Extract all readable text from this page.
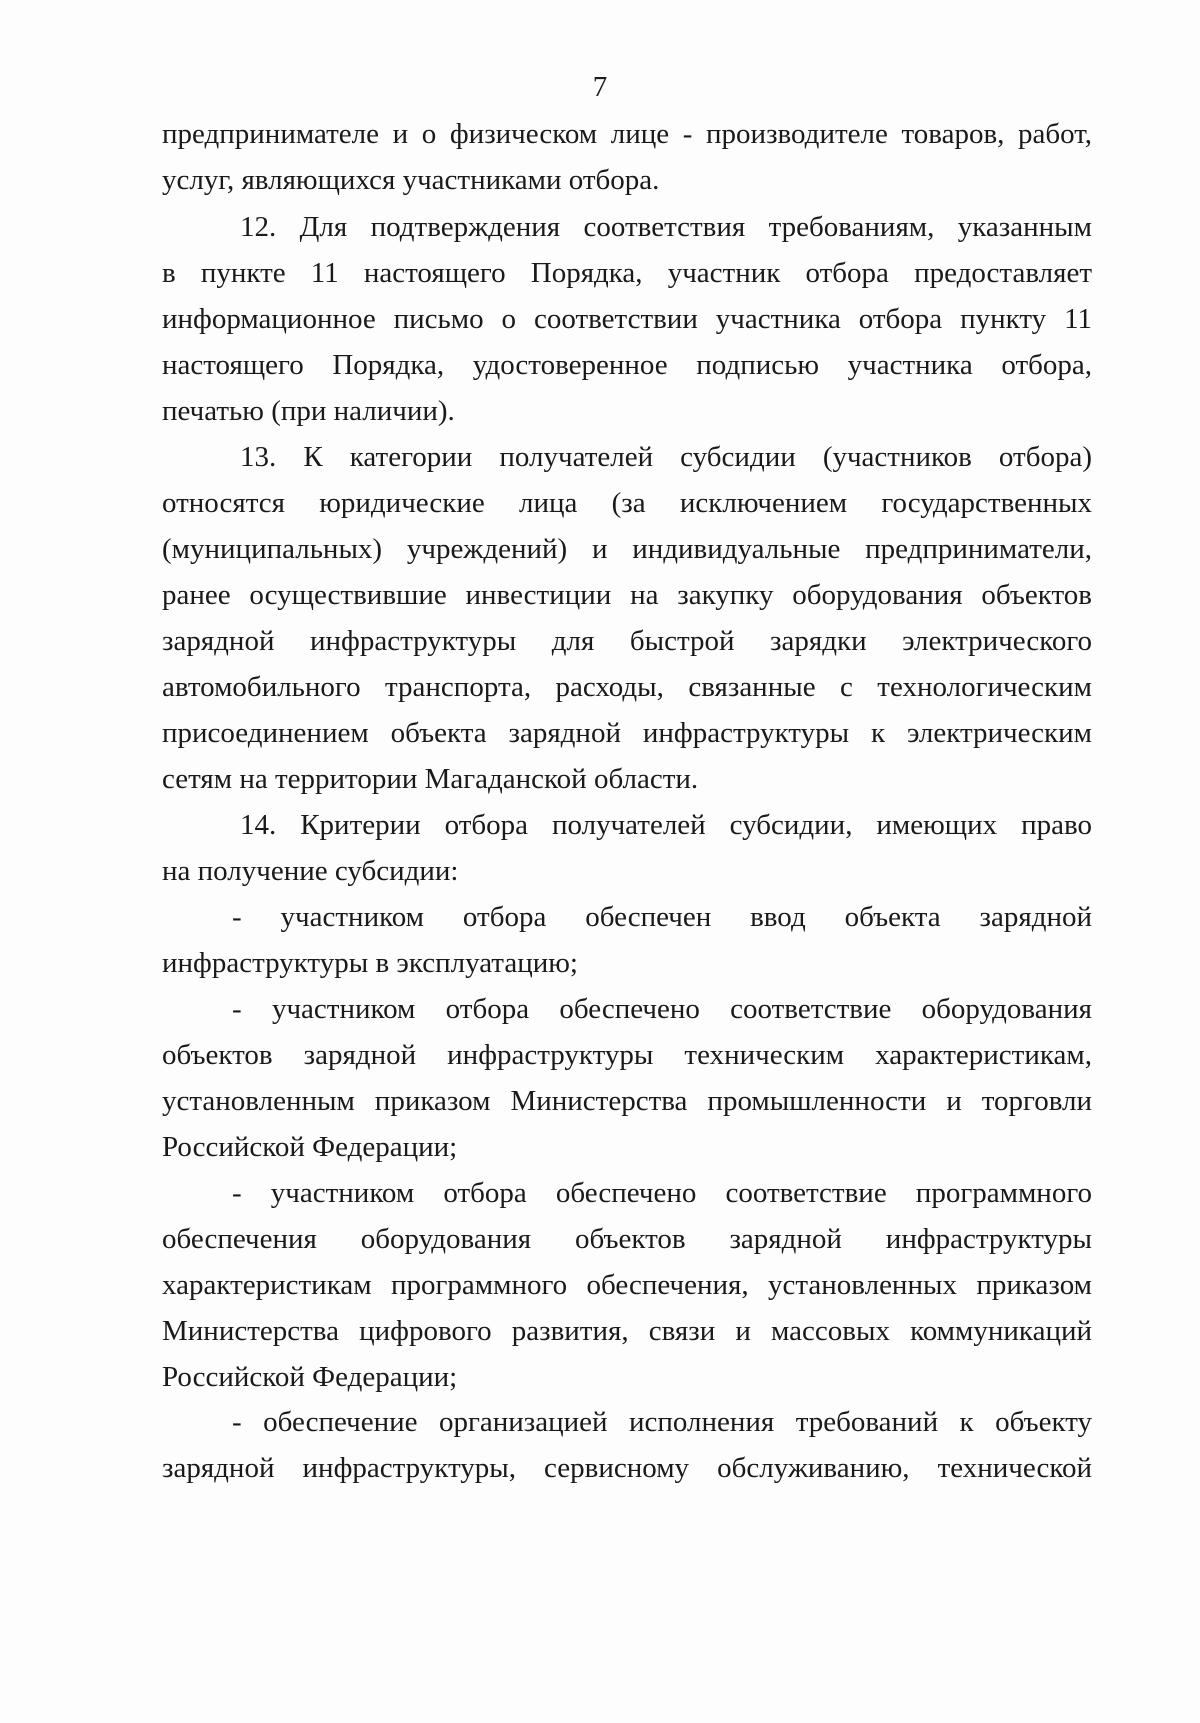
7
предпринимателе и о физическом лице - производителе товаров, работ,
услуг, являющихся участниками отбора.
12. Для подтверждения соответствия требованиям, указанным
в пункте 11 настоящего Порядка, участник отбора предоставляет
информационное письмо о соответствии участника отбора пункту 11
настоящего Порядка, удостоверенное подписью участника отбора,
печатью (при наличии).
13. К категории получателей субсидии (участников отбора)
относятся юридические лица (за исключением государственных
(муниципальных) учреждений) и индивидуальные предприниматели,
ранее осуществившие инвестиции на закупку оборудования объектов
зарядной инфраструктуры для быстрой зарядки электрического
автомобильного транспорта, расходы, связанные с технологическим
присоединением объекта зарядной инфраструктуры к электрическим
сетям на территории Магаданской области.
14. Критерии отбора получателей субсидии, имеющих право
на получение субсидии:
- участником отбора обеспечен ввод объекта зарядной
инфраструктуры в эксплуатацию;
- участником отбора обеспечено соответствие оборудования
объектов зарядной инфраструктуры техническим характеристикам,
установленным приказом Министерства промышленности и торговли
Российской Федерации;
- участником отбора обеспечено соответствие программного
обеспечения оборудования объектов зарядной инфраструктуры
характеристикам программного обеспечения, установленных приказом
Министерства цифрового развития, связи и массовых коммуникаций
Российской Федерации;
- обеспечение организацией исполнения требований к объекту
зарядной инфраструктуры, сервисному обслуживанию, технической
